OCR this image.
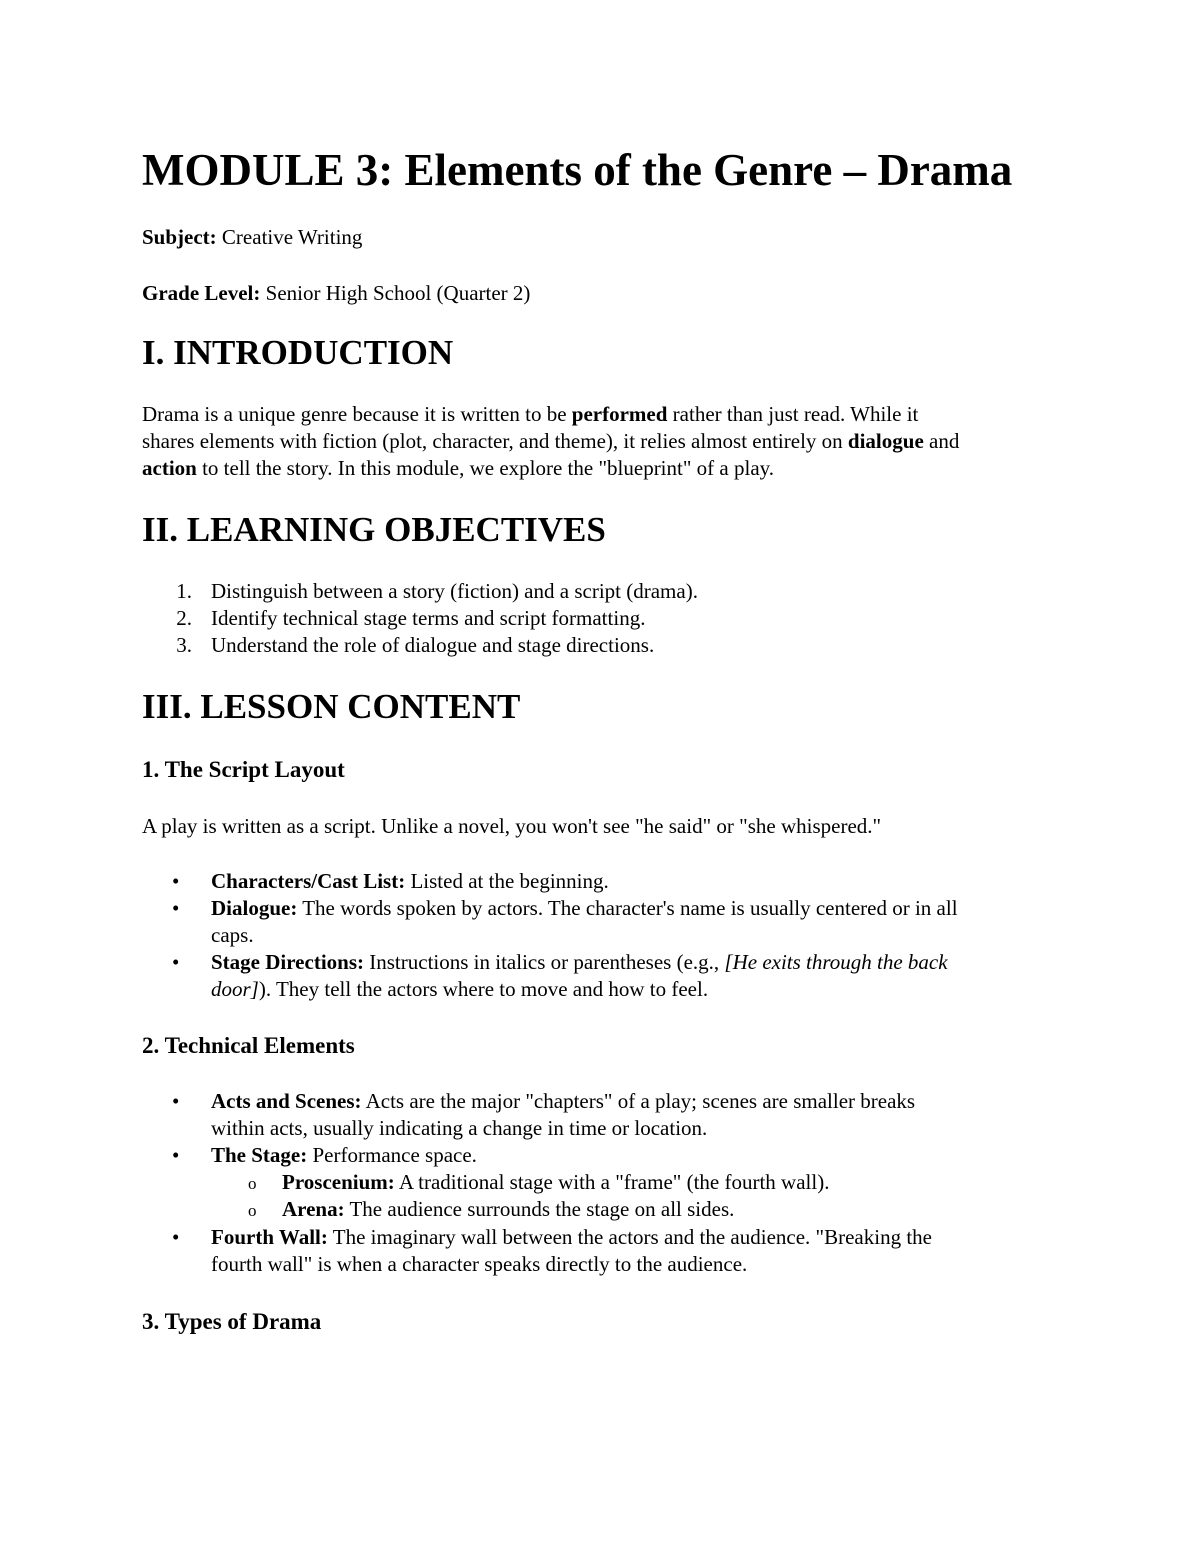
MODULE 3: Elements of the Genre – Drama
Subject: Creative Writing
Grade Level: Senior High School (Quarter 2)
I. INTRODUCTION
Drama is a unique genre because it is written to be performed rather than just read. While it
shares elements with fiction (plot, character, and theme), it relies almost entirely on dialogue and
action to tell the story. In this module, we explore the "blueprint" of a play.
II. LEARNING OBJECTIVES
1. Distinguish between a story (fiction) and a script (drama).
2. Identify technical stage terms and script formatting.
3. Understand the role of dialogue and stage directions.
III. LESSON CONTENT
1. The Script Layout
A play is written as a script. Unlike a novel, you won't see "he said" or "she whispered."
• Characters/Cast List: Listed at the beginning.
• Dialogue: The words spoken by actors. The character's name is usually centered or in all
caps.
• Stage Directions: Instructions in italics or parentheses (e.g., [He exits through the back
door]). They tell the actors where to move and how to feel.
2. Technical Elements
• Acts and Scenes: Acts are the major "chapters" of a play; scenes are smaller breaks
within acts, usually indicating a change in time or location.
• The Stage: Performance space.
o Proscenium: A traditional stage with a "frame" (the fourth wall).
o Arena: The audience surrounds the stage on all sides.
• Fourth Wall: The imaginary wall between the actors and the audience. "Breaking the
fourth wall" is when a character speaks directly to the audience.
3. Types of Drama
